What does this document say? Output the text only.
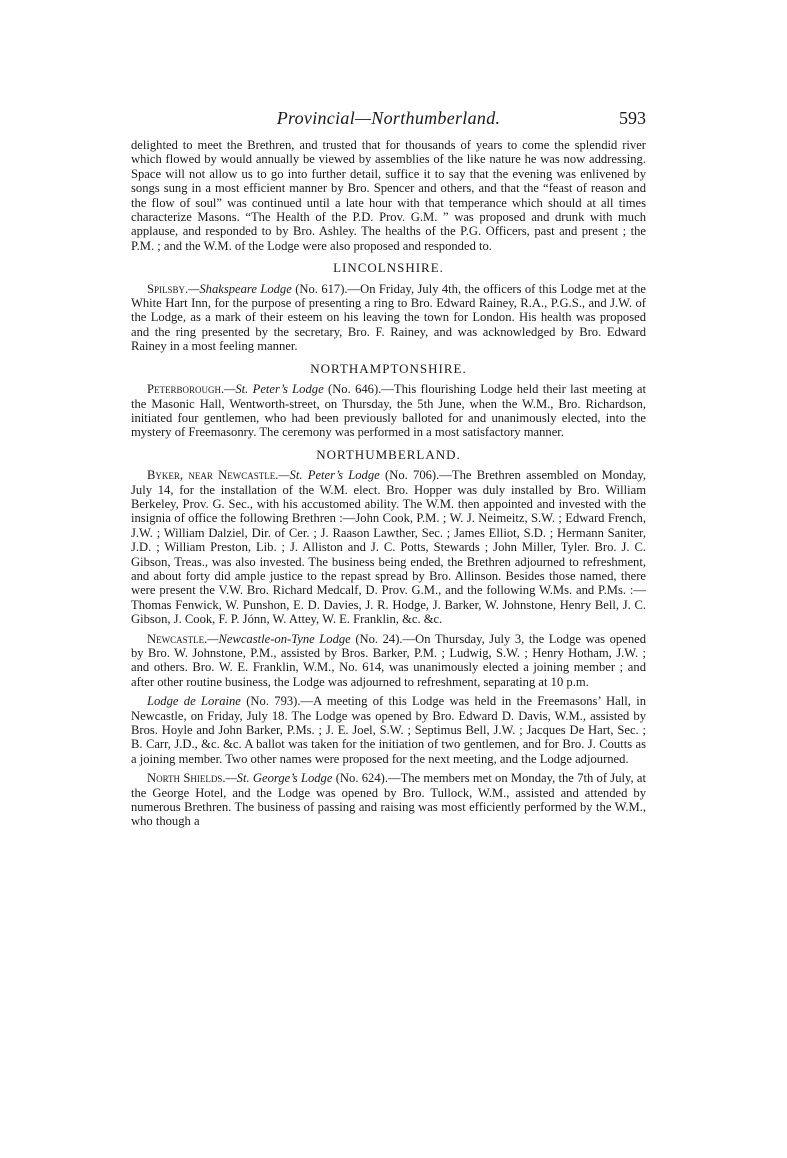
Provincial—Northumberland.	593

delighted to meet the Brethren, and trusted that for thousands of years to come the splendid river which flowed by would annually be viewed by assemblies of the like nature he was now addressing. Space will not allow us to go into further detail, suffice it to say that the evening was enlivened by songs sung in a most efficient manner by Bro. Spencer and others, and that the “feast of reason and the flow of soul” was continued until a late hour with that temperance which should at all times characterize Masons. “The Health of the P.D. Prov. G.M. ” was proposed and drunk with much applause, and responded to by Bro. Ashley. The healths of the P.G. Officers, past and present ; the P.M. ; and the W.M. of the Lodge were also proposed and responded to.

LINCOLNSHIRE.

Spilsby.—Shakspeare Lodge (No. 617).—On Friday, July 4th, the officers of this Lodge met at the White Hart Inn, for the purpose of presenting a ring to Bro. Edward Rainey, R.A., P.G.S., and J.W. of the Lodge, as a mark of their esteem on his leaving the town for London. His health was proposed and the ring presented by the secretary, Bro. F. Rainey, and was acknowledged by Bro. Edward Rainey in a most feeling manner.

NORTHAMPTONSHIRE.

Peterborough.—St. Peter’s Lodge (No. 646).—This flourishing Lodge held their last meeting at the Masonic Hall, Wentworth-street, on Thursday, the 5th June, when the W.M., Bro. Richardson, initiated four gentlemen, who had been previously balloted for and unanimously elected, into the mystery of Freemasonry. The ceremony was performed in a most satisfactory manner.

NORTHUMBERLAND.

Byker, near Newcastle.—St. Peter’s Lodge (No. 706).—The Brethren assembled on Monday, July 14, for the installation of the W.M. elect. Bro. Hopper was duly installed by Bro. William Berkeley, Prov. G. Sec., with his accustomed ability. The W.M. then appointed and invested with the insignia of office the following Brethren :—John Cook, P.M. ; W. J. Neimeitz, S.W. ; Edward French, J.W. ; William Dalziel, Dir. of Cer. ; J. Raason Lawther, Sec. ; James Elliot, S.D. ; Hermann Saniter, J.D. ; William Preston, Lib. ; J. Alliston and J. C. Potts, Stewards ; John Miller, Tyler. Bro. J. C. Gibson, Treas., was also invested. The business being ended, the Brethren adjourned to refreshment, and about forty did ample justice to the repast spread by Bro. Allinson. Besides those named, there were present the V.W. Bro. Richard Medcalf, D. Prov. G.M., and the following W.Ms. and P.Ms. :—Thomas Fenwick, W. Punshon, E. D. Davies, J. R. Hodge, J. Barker, W. Johnstone, Henry Bell, J. C. Gibson, J. Cook, F. P. Jónn, W. Attey, W. E. Franklin, &c. &c.

Newcastle.—Newcastle-on-Tyne Lodge (No. 24).—On Thursday, July 3, the Lodge was opened by Bro. W. Johnstone, P.M., assisted by Bros. Barker, P.M. ; Ludwig, S.W. ; Henry Hotham, J.W. ; and others. Bro. W. E. Franklin, W.M., No. 614, was unanimously elected a joining member ; and after other routine business, the Lodge was adjourned to refreshment, separating at 10 p.m.

Lodge de Loraine (No. 793).—A meeting of this Lodge was held in the Freemasons’ Hall, in Newcastle, on Friday, July 18. The Lodge was opened by Bro. Edward D. Davis, W.M., assisted by Bros. Hoyle and John Barker, P.Ms. ; J. E. Joel, S.W. ; Septimus Bell, J.W. ; Jacques De Hart, Sec. ; B. Carr, J.D., &c. &c. A ballot was taken for the initiation of two gentlemen, and for Bro. J. Coutts as a joining member. Two other names were proposed for the next meeting, and the Lodge adjourned.

North Shields.—St. George’s Lodge (No. 624).—The members met on Monday, the 7th of July, at the George Hotel, and the Lodge was opened by Bro. Tullock, W.M., assisted and attended by numerous Brethren. The business of passing and raising was most efficiently performed by the W.M., who though a
